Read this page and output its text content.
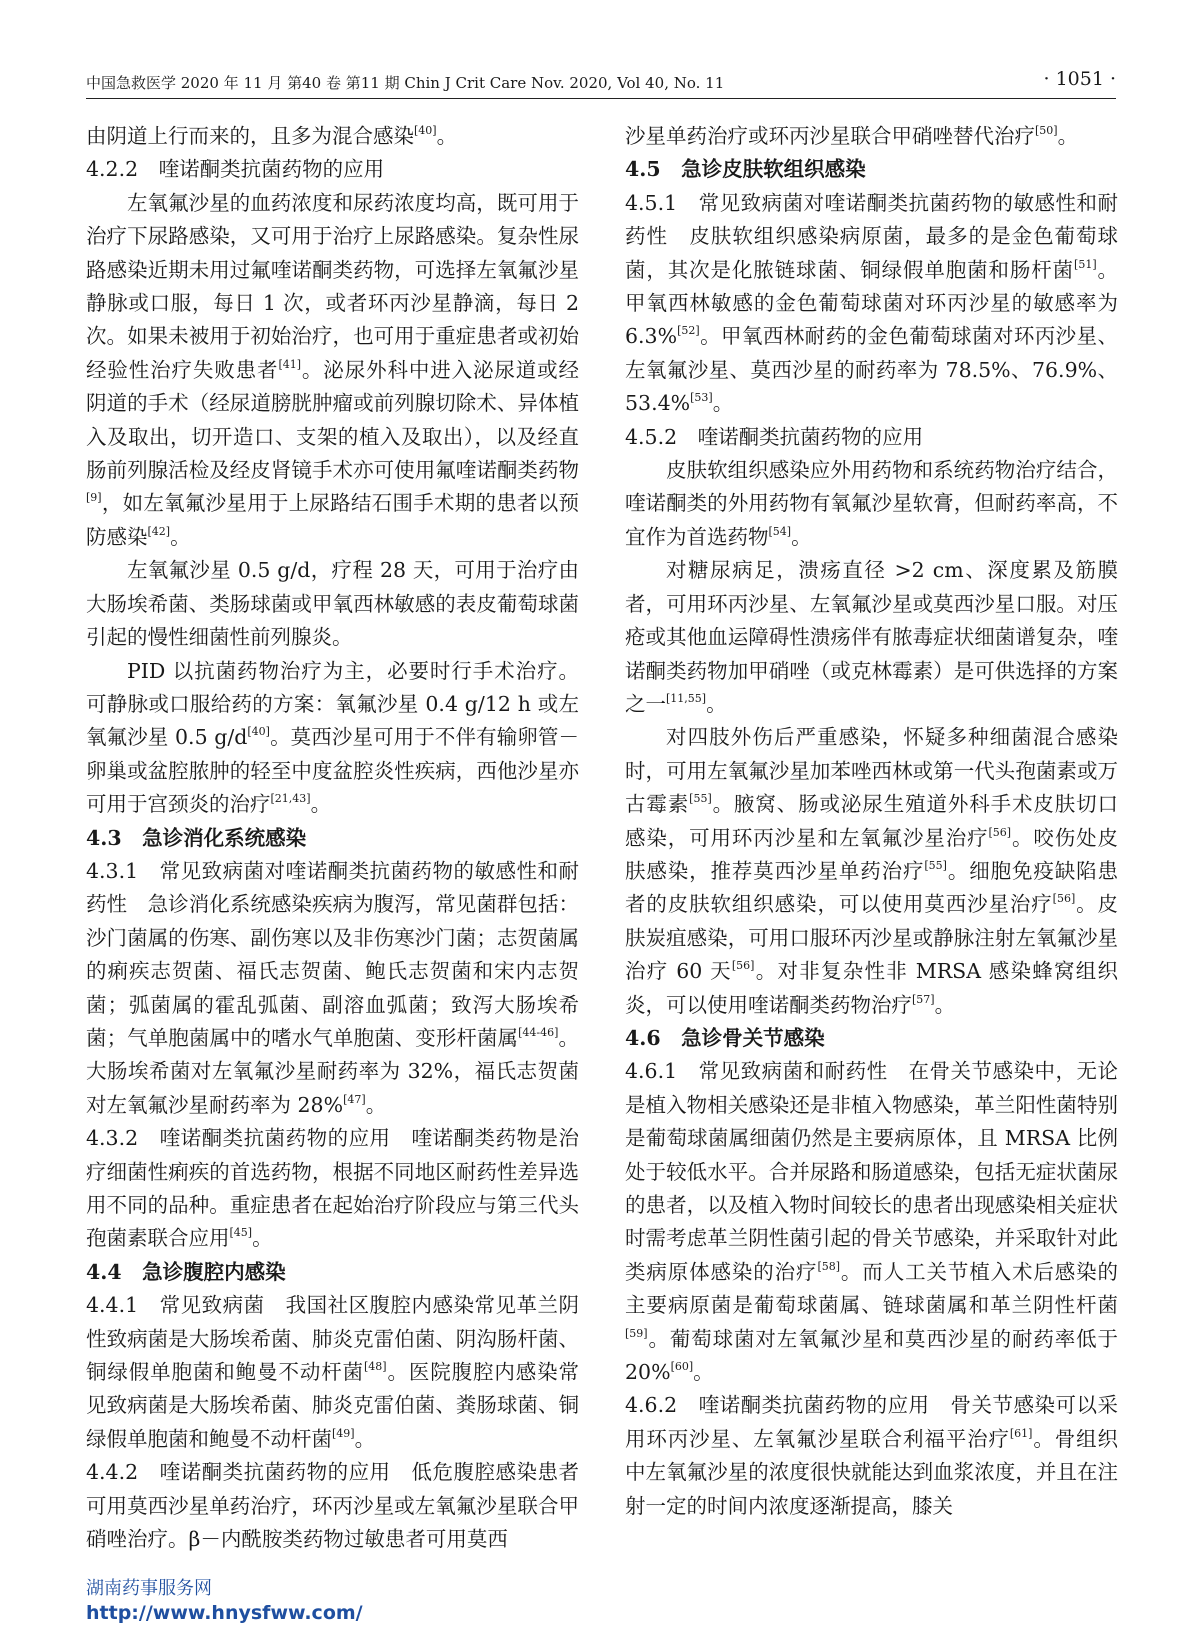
中国急救医学 2020 年 11 月 第40 卷 第11 期 Chin J Crit Care Nov. 2020, Vol 40, No. 11	· 1051 ·

由阴道上行而来的，且多为混合感染[40]。

4.2.2　喹诺酮类抗菌药物的应用

左氧氟沙星的血药浓度和尿药浓度均高，既可用于治疗下尿路感染，又可用于治疗上尿路感染。复杂性尿路感染近期未用过氟喹诺酮类药物，可选择左氧氟沙星静脉或口服，每日 1 次，或者环丙沙星静滴，每日 2 次。如果未被用于初始治疗，也可用于重症患者或初始经验性治疗失败患者[41]。泌尿外科中进入泌尿道或经阴道的手术（经尿道膀胱肿瘤或前列腺切除术、异体植入及取出，切开造口、支架的植入及取出），以及经直肠前列腺活检及经皮肾镜手术亦可使用氟喹诺酮类药物[9]，如左氧氟沙星用于上尿路结石围手术期的患者以预防感染[42]。

左氧氟沙星 0.5 g/d，疗程 28 天，可用于治疗由大肠埃希菌、类肠球菌或甲氧西林敏感的表皮葡萄球菌引起的慢性细菌性前列腺炎。

PID 以抗菌药物治疗为主，必要时行手术治疗。可静脉或口服给药的方案：氧氟沙星 0.4 g/12 h 或左氧氟沙星 0.5 g/d[40]。莫西沙星可用于不伴有输卵管－卵巢或盆腔脓肿的轻至中度盆腔炎性疾病，西他沙星亦可用于宫颈炎的治疗[21,43]。

4.3　急诊消化系统感染

4.3.1　常见致病菌对喹诺酮类抗菌药物的敏感性和耐药性　急诊消化系统感染疾病为腹泻，常见菌群包括：沙门菌属的伤寒、副伤寒以及非伤寒沙门菌；志贺菌属的痢疾志贺菌、福氏志贺菌、鲍氏志贺菌和宋内志贺菌；弧菌属的霍乱弧菌、副溶血弧菌；致泻大肠埃希菌；气单胞菌属中的嗜水气单胞菌、变形杆菌属[44-46]。大肠埃希菌对左氧氟沙星耐药率为 32%，福氏志贺菌对左氧氟沙星耐药率为 28%[47]。

4.3.2　喹诺酮类抗菌药物的应用　喹诺酮类药物是治疗细菌性痢疾的首选药物，根据不同地区耐药性差异选用不同的品种。重症患者在起始治疗阶段应与第三代头孢菌素联合应用[45]。

4.4　急诊腹腔内感染

4.4.1　常见致病菌　我国社区腹腔内感染常见革兰阴性致病菌是大肠埃希菌、肺炎克雷伯菌、阴沟肠杆菌、铜绿假单胞菌和鲍曼不动杆菌[48]。医院腹腔内感染常见致病菌是大肠埃希菌、肺炎克雷伯菌、粪肠球菌、铜绿假单胞菌和鲍曼不动杆菌[49]。

4.4.2　喹诺酮类抗菌药物的应用　低危腹腔感染患者可用莫西沙星单药治疗，环丙沙星或左氧氟沙星联合甲硝唑治疗。β－内酰胺类药物过敏患者可用莫西

沙星单药治疗或环丙沙星联合甲硝唑替代治疗[50]。

4.5　急诊皮肤软组织感染

4.5.1　常见致病菌对喹诺酮类抗菌药物的敏感性和耐药性　皮肤软组织感染病原菌，最多的是金色葡萄球菌，其次是化脓链球菌、铜绿假单胞菌和肠杆菌[51]。甲氧西林敏感的金色葡萄球菌对环丙沙星的敏感率为 6.3%[52]。甲氧西林耐药的金色葡萄球菌对环丙沙星、左氧氟沙星、莫西沙星的耐药率为 78.5%、76.9%、53.4%[53]。

4.5.2　喹诺酮类抗菌药物的应用

皮肤软组织感染应外用药物和系统药物治疗结合，喹诺酮类的外用药物有氧氟沙星软膏，但耐药率高，不宜作为首选药物[54]。

对糖尿病足，溃疡直径 >2 cm、深度累及筋膜者，可用环丙沙星、左氧氟沙星或莫西沙星口服。对压疮或其他血运障碍性溃疡伴有脓毒症状细菌谱复杂，喹诺酮类药物加甲硝唑（或克林霉素）是可供选择的方案之一[11,55]。

对四肢外伤后严重感染，怀疑多种细菌混合感染时，可用左氧氟沙星加苯唑西林或第一代头孢菌素或万古霉素[55]。腋窝、肠或泌尿生殖道外科手术皮肤切口感染，可用环丙沙星和左氧氟沙星治疗[56]。咬伤处皮肤感染，推荐莫西沙星单药治疗[55]。细胞免疫缺陷患者的皮肤软组织感染，可以使用莫西沙星治疗[56]。皮肤炭疽感染，可用口服环丙沙星或静脉注射左氧氟沙星治疗 60 天[56]。对非复杂性非 MRSA 感染蜂窝组织炎，可以使用喹诺酮类药物治疗[57]。

4.6　急诊骨关节感染

4.6.1　常见致病菌和耐药性　在骨关节感染中，无论是植入物相关感染还是非植入物感染，革兰阳性菌特别是葡萄球菌属细菌仍然是主要病原体，且 MRSA 比例处于较低水平。合并尿路和肠道感染，包括无症状菌尿的患者，以及植入物时间较长的患者出现感染相关症状时需考虑革兰阴性菌引起的骨关节感染，并采取针对此类病原体感染的治疗[58]。而人工关节植入术后感染的主要病原菌是葡萄球菌属、链球菌属和革兰阴性杆菌[59]。葡萄球菌对左氧氟沙星和莫西沙星的耐药率低于 20%[60]。

4.6.2　喹诺酮类抗菌药物的应用　骨关节感染可以采用环丙沙星、左氧氟沙星联合利福平治疗[61]。骨组织中左氧氟沙星的浓度很快就能达到血浆浓度，并且在注射一定的时间内浓度逐渐提高，膝关

湖南药事服务网
http://www.hnysfww.com/
